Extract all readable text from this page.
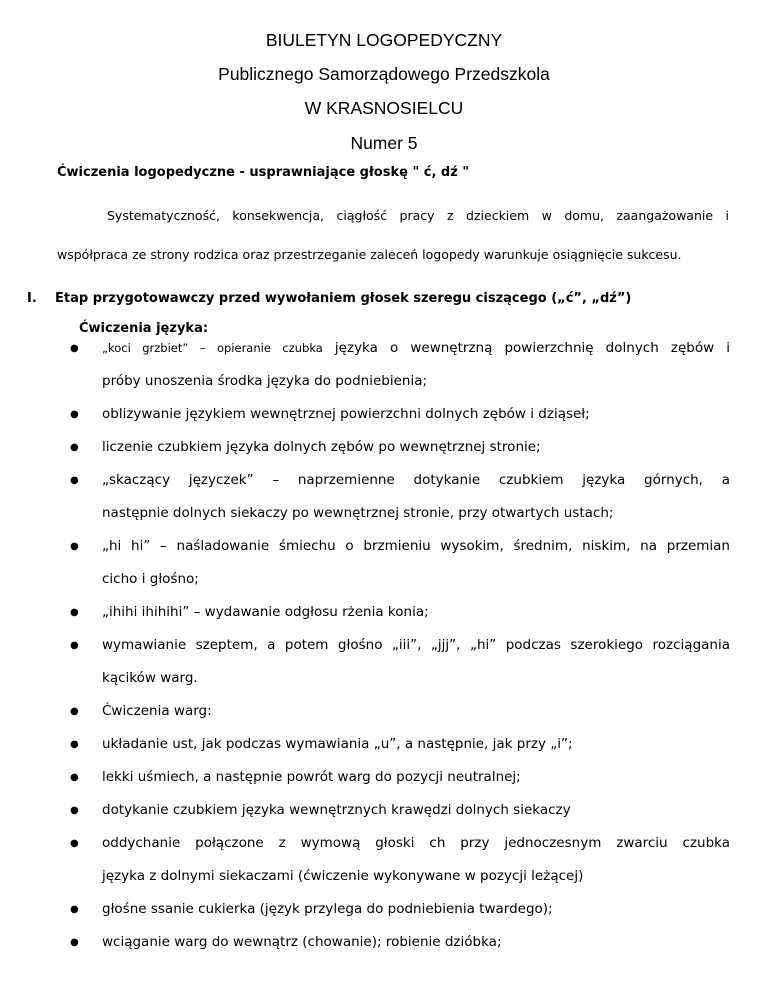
BIULETYN LOGOPEDYCZNY
Publicznego Samorządowego Przedszkola
W KRASNOSIELCU
Numer 5
Ćwiczenia logopedyczne - usprawniające głoskę " ć, dź "
Systematyczność, konsekwencja, ciągłość pracy z dzieckiem w domu, zaangażowanie i
współpraca ze strony rodzica oraz przestrzeganie zaleceń logopedy warunkuje osiągnięcie sukcesu.
I. Etap przygotowawczy przed wywołaniem głosek szeregu ciszącego („ć”, „dź”)
Ćwiczenia języka:
● „koci grzbiet” – opieranie czubka języka o wewnętrzną powierzchnię dolnych zębów i
próby unoszenia środka języka do podniebienia;
● oblizywanie językiem wewnętrznej powierzchni dolnych zębów i dziąseł;
● liczenie czubkiem języka dolnych zębów po wewnętrznej stronie;
● „skaczący języczek” – naprzemienne dotykanie czubkiem języka górnych, a
następnie dolnych siekaczy po wewnętrznej stronie, przy otwartych ustach;
● „hi hi” – naśladowanie śmiechu o brzmieniu wysokim, średnim, niskim, na przemian
cicho i głośno;
● „ihihi ihihihi” – wydawanie odgłosu rżenia konia;
● wymawianie szeptem, a potem głośno „iii”, „jjj”, „hi” podczas szerokiego rozciągania
kącików warg.
● Ćwiczenia warg:
● układanie ust, jak podczas wymawiania „u”, a następnie, jak przy „i”;
● lekki uśmiech, a następnie powrót warg do pozycji neutralnej;
● dotykanie czubkiem języka wewnętrznych krawędzi dolnych siekaczy
● oddychanie połączone z wymową głoski ch przy jednoczesnym zwarciu czubka
języka z dolnymi siekaczami (ćwiczenie wykonywane w pozycji leżącej)
● głośne ssanie cukierka (język przylega do podniebienia twardego);
● wciąganie warg do wewnątrz (chowanie); robienie dzióbka;
